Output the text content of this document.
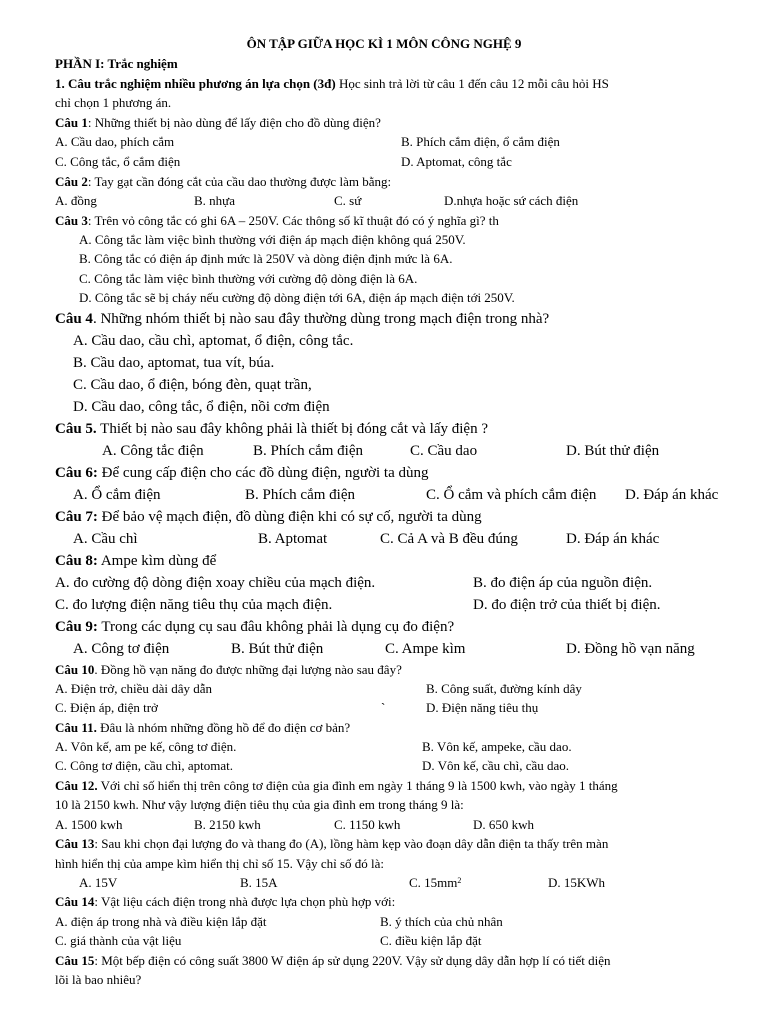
ÔN TẬP GIỮA HỌC KÌ 1 MÔN CÔNG NGHỆ 9
PHẦN I: Trắc nghiệm
1. Câu trắc nghiệm nhiều phương án lựa chọn (3đ) Học sinh trả lời từ câu 1 đến câu 12 mỗi câu hỏi HS
chỉ chọn 1 phương án.
Câu 1: Những thiết bị nào dùng để lấy điện cho đồ dùng điện?
A. Cầu dao, phích cắm	B. Phích cắm điện, ổ cắm điện
C. Công tắc, ổ cắm điện	D. Aptomat, công tắc
Câu 2: Tay gạt cần đóng cắt của cầu dao thường được làm bằng:
A. đồng	B. nhựa	C. sứ	D.nhựa hoặc sứ cách điện
Câu 3: Trên vỏ công tắc có ghi 6A – 250V. Các thông số kĩ thuật đó có ý nghĩa gì? th
A. Công tắc làm việc bình thường với điện áp mạch điện không quá 250V.
B. Công tắc có điện áp định mức là 250V và dòng điện định mức là 6A.
C. Công tắc làm việc bình thường với cường độ dòng điện là 6A.
D. Công tắc sẽ bị cháy nếu cường độ dòng điện tới 6A, điện áp mạch điện tới 250V.
Câu 4. Những nhóm thiết bị nào sau đây thường dùng trong mạch điện trong nhà?
A. Cầu dao, cầu chì, aptomat, ổ điện, công tắc.
B. Cầu dao, aptomat, tua vít, búa.
C. Cầu dao, ổ điện, bóng đèn, quạt trần,
D. Cầu dao, công tắc, ổ điện, nồi cơm điện
Câu 5. Thiết bị nào sau đây không phải là thiết bị đóng cắt và lấy điện ?
A. Công tắc điện	B. Phích cắm điện	C. Cầu dao	D. Bút thử điện
Câu 6: Để cung cấp điện cho các đồ dùng điện, người ta dùng
A. Ổ cắm điện	B. Phích cắm điện	C. Ổ cắm và phích cắm điện D. Đáp án khác
Câu 7: Để bảo vệ mạch điện, đồ dùng điện khi có sự cố, người ta dùng
A. Cầu chì	B. Aptomat	C. Cả A và B đều đúng	D. Đáp án khác
Câu 8: Ampe kìm dùng để
A. đo cường độ dòng điện xoay chiều của mạch điện.	B. đo điện áp của nguồn điện.
C. đo lượng điện năng tiêu thụ của mạch điện.	D. đo điện trở của thiết bị điện.
Câu 9: Trong các dụng cụ sau đâu không phải là dụng cụ đo điện?
A. Công tơ điện	B. Bút thử điện	C. Ampe kìm	D. Đồng hồ vạn năng
Câu 10. Đồng hồ vạn năng đo được những đại lượng nào sau đây?
A. Điện trở, chiều dài dây dẫn	B. Công suất, đường kính dây
C. Điện áp, điện trở	`	D. Điện năng tiêu thụ
Câu 11. Đâu là nhóm những đồng hồ để đo điện cơ bản?
A. Vôn kế, am pe kế, công tơ điện.	B. Vôn kế, ampeke, cầu dao.
C. Công tơ điện, cầu chì, aptomat.	D. Vôn kế, cầu chì, cầu dao.
Câu 12. Với chỉ số hiển thị trên công tơ điện của gia đình em ngày 1 tháng 9 là 1500 kwh, vào ngày 1 tháng
10 là 2150 kwh. Như vậy lượng điện tiêu thụ của gia đình em trong tháng 9 là:
A. 1500 kwh	B. 2150 kwh	C. 1150 kwh	D. 650 kwh
Câu 13: Sau khi chọn đại lượng đo và thang đo (A), lồng hàm kẹp vào đoạn dây dẫn điện ta thấy trên màn
hình hiển thị của ampe kìm hiển thị chỉ số 15. Vậy chỉ số đó là:
A. 15V	B. 15A	C. $15mm^2$	D. 15KWh
Câu 14: Vật liệu cách điện trong nhà được lựa chọn phù hợp với:
A. điện áp trong nhà và điều kiện lắp đặt	B. ý thích của chủ nhân
C. giá thành của vật liệu	C. điều kiện lắp đặt
Câu 15: Một bếp điện có công suất 3800 W điện áp sử dụng 220V. Vậy sử dụng dây dẫn hợp lí có tiết diện
lõi là bao nhiêu?
